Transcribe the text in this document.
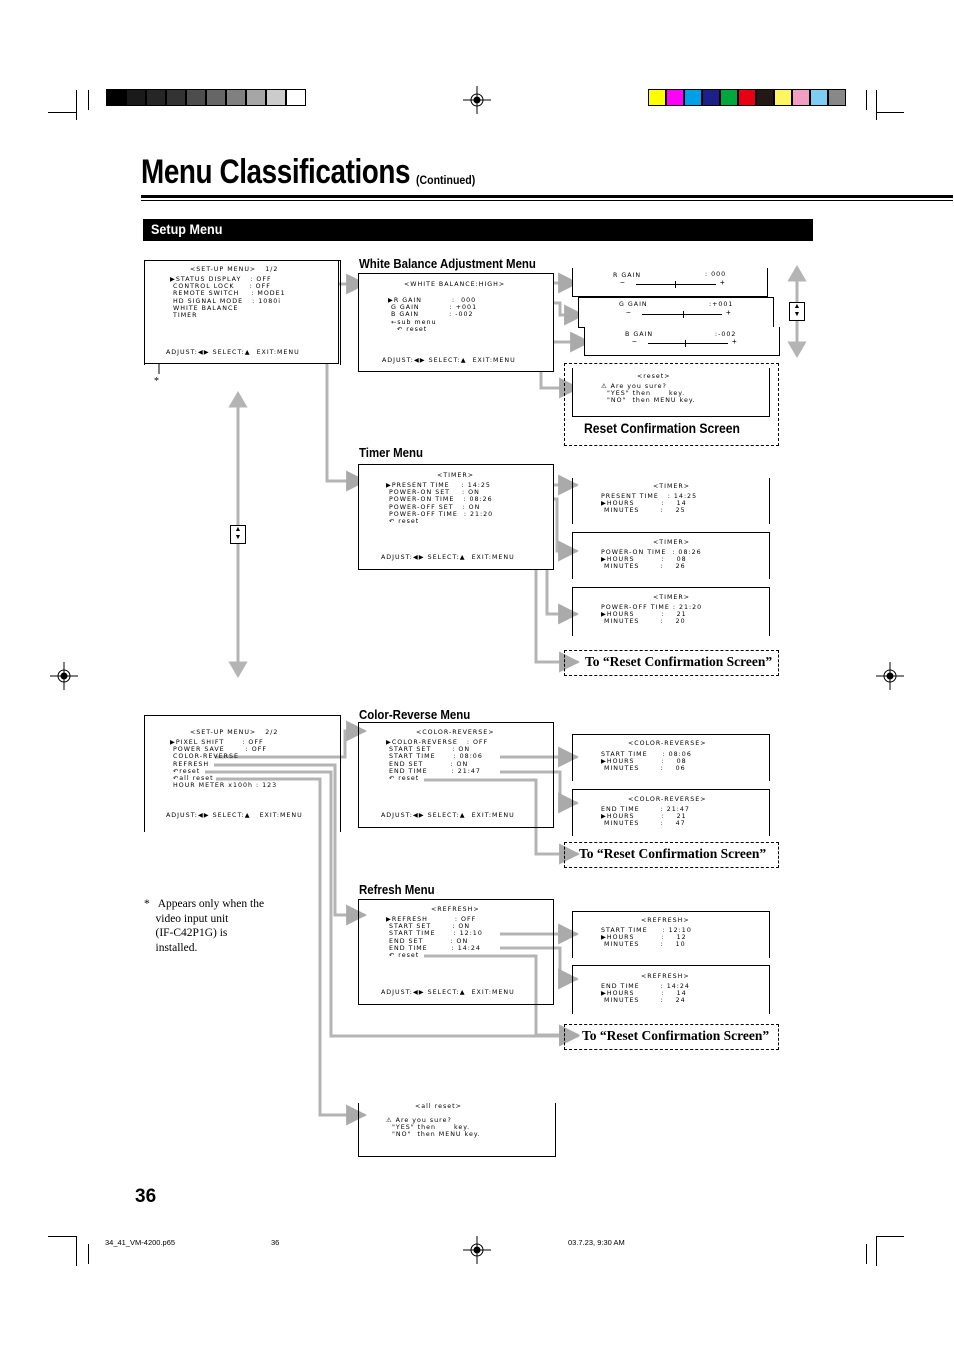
Menu Classifications (Continued)
Setup Menu
▲
▼
▲
▼
<SET-UP MENU>   1/2
▶STATUS DISPLAY   : OFF
CONTROL LOCK     : OFF
REMOTE SWITCH    : MODE1
HD SIGNAL MODE   : 1080i
WHITE BALANCE
TIMER
ADJUST:◀▶ SELECT:▲  EXIT:MENU
*
<SET-UP MENU>   2/2
▶PIXEL SHIFT      : OFF
POWER SAVE       : OFF
COLOR-REVERSE
REFRESH
↶reset
↶all reset
HOUR METER x100h : 123
ADJUST:◀▶ SELECT:▲   EXIT:MENU
*   Appears only when the
video input unit
(IF-C42P1G) is
installed.
White Balance Adjustment Menu
<WHITE BALANCE:HIGH>
▶R GAIN          :  000
G GAIN          : +001
B GAIN          : -002
←sub menu
↶ reset
ADJUST:◀▶ SELECT:▲  EXIT:MENU
R GAIN	: 000
−	+
G GAIN	:+001
−	+
B GAIN	:-002
−	+
<reset>
⚠ Are you sure?
"YES" then      key.
"NO"  then MENU key.
Reset Confirmation Screen
Timer Menu
<TIMER>
▶PRESENT TIME    : 14:25
POWER-ON SET    : ON
POWER-ON TIME   : 08:26
POWER-OFF SET   : ON
POWER-OFF TIME  : 21:20
↶ reset
ADJUST:◀▶ SELECT:▲  EXIT:MENU
<TIMER>
PRESENT TIME   : 14:25
▶HOURS         :    14
MINUTES       :    25
<TIMER>
POWER-ON TIME  : 08:26
▶HOURS         :    08
MINUTES       :    26
<TIMER>
POWER-OFF TIME : 21:20
▶HOURS         :    21
MINUTES       :    20
To “Reset Confirmation Screen”
Color-Reverse Menu
<COLOR-REVERSE>
▶COLOR-REVERSE   : OFF
START SET       : ON
START TIME      : 08:06
END SET         : ON
END TIME        : 21:47
↶ reset
ADJUST:◀▶ SELECT:▲  EXIT:MENU
<COLOR-REVERSE>
START TIME     : 08:06
▶HOURS         :    08
MINUTES       :    06
<COLOR-REVERSE>
END TIME       : 21:47
▶HOURS         :    21
MINUTES       :    47
To “Reset Confirmation Screen”
Refresh Menu
<REFRESH>
▶REFRESH         : OFF
START SET       : ON
START TIME      : 12:10
END SET         : ON
END TIME        : 14:24
↶ reset
ADJUST:◀▶ SELECT:▲  EXIT:MENU
<REFRESH>
START TIME     : 12:10
▶HOURS         :    12
MINUTES       :    10
<REFRESH>
END TIME       : 14:24
▶HOURS         :    14
MINUTES       :    24
To “Reset Confirmation Screen”
<all reset>
⚠ Are you sure?
"YES" then      key.
"NO"  then MENU key.
36
34_41_VM-4200.p65	36	03.7.23, 9:30 AM
